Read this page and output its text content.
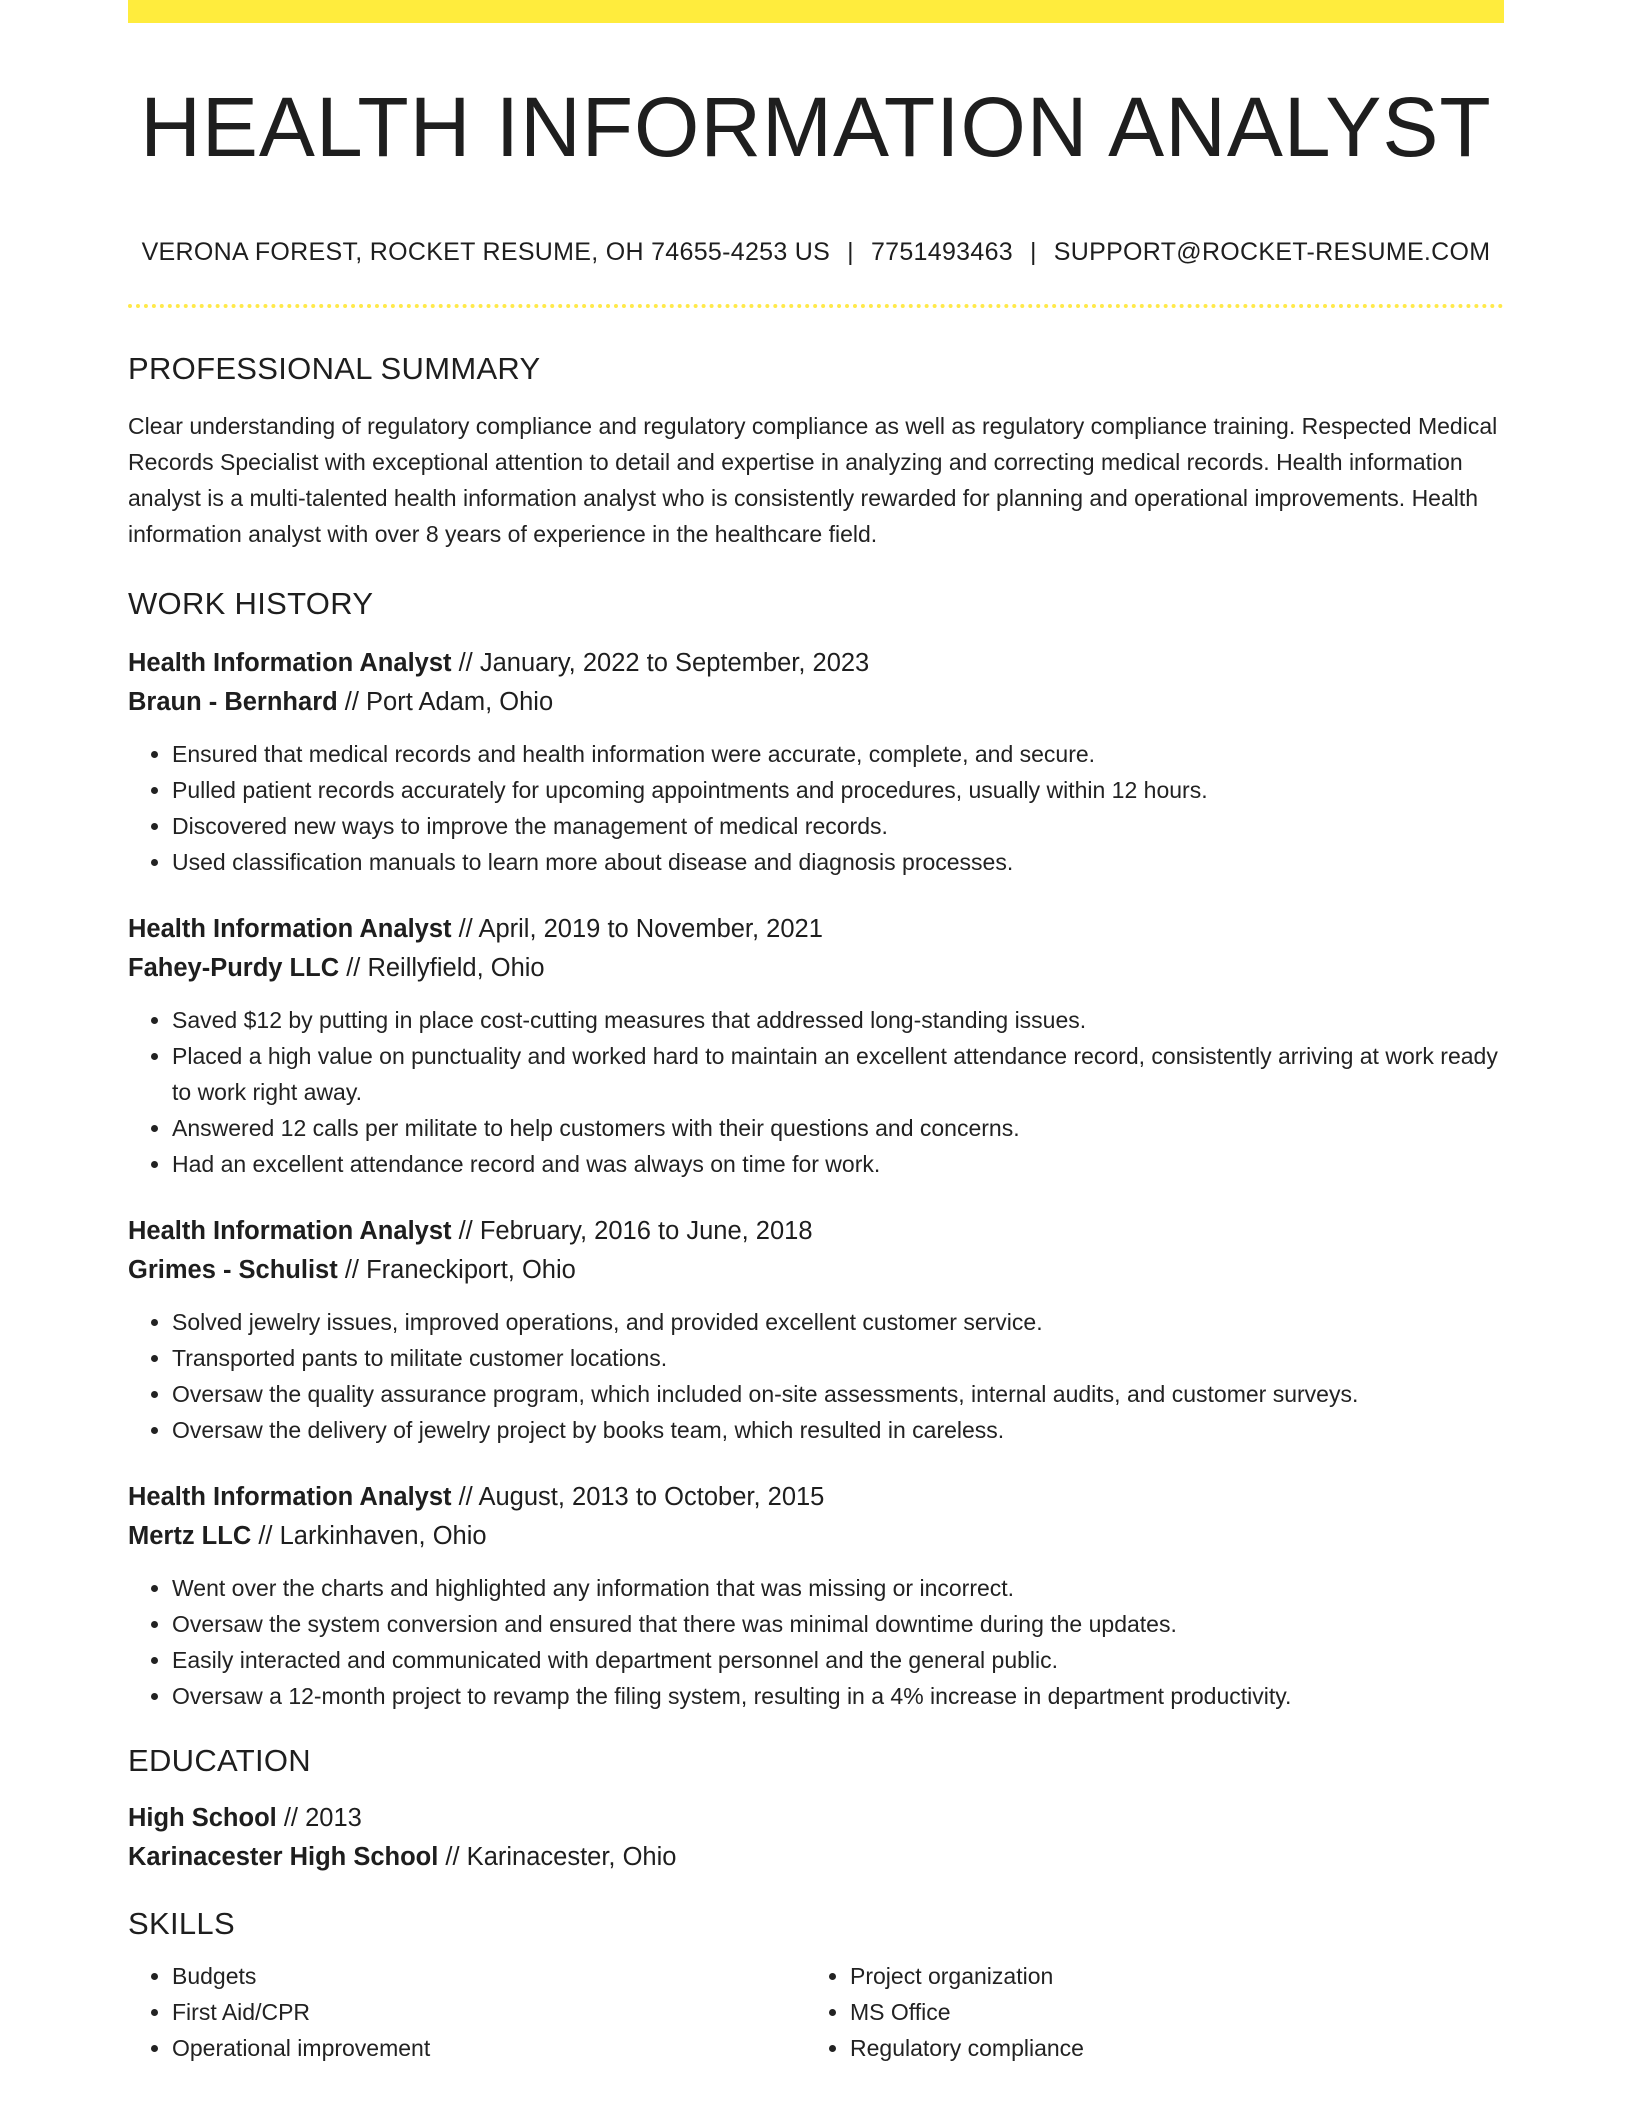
HEALTH INFORMATION ANALYST
VERONA FOREST, ROCKET RESUME, OH 74655-4253 US | 7751493463 | SUPPORT@ROCKET-RESUME.COM
PROFESSIONAL SUMMARY
Clear understanding of regulatory compliance and regulatory compliance as well as regulatory compliance training. Respected Medical Records Specialist with exceptional attention to detail and expertise in analyzing and correcting medical records. Health information analyst is a multi-talented health information analyst who is consistently rewarded for planning and operational improvements. Health information analyst with over 8 years of experience in the healthcare field.
WORK HISTORY
Health Information Analyst // January, 2022 to September, 2023
Braun - Bernhard // Port Adam, Ohio
• Ensured that medical records and health information were accurate, complete, and secure.
• Pulled patient records accurately for upcoming appointments and procedures, usually within 12 hours.
• Discovered new ways to improve the management of medical records.
• Used classification manuals to learn more about disease and diagnosis processes.
Health Information Analyst // April, 2019 to November, 2021
Fahey-Purdy LLC // Reillyfield, Ohio
• Saved $12 by putting in place cost-cutting measures that addressed long-standing issues.
• Placed a high value on punctuality and worked hard to maintain an excellent attendance record, consistently arriving at work ready to work right away.
• Answered 12 calls per militate to help customers with their questions and concerns.
• Had an excellent attendance record and was always on time for work.
Health Information Analyst // February, 2016 to June, 2018
Grimes - Schulist // Franeckiport, Ohio
• Solved jewelry issues, improved operations, and provided excellent customer service.
• Transported pants to militate customer locations.
• Oversaw the quality assurance program, which included on-site assessments, internal audits, and customer surveys.
• Oversaw the delivery of jewelry project by books team, which resulted in careless.
Health Information Analyst // August, 2013 to October, 2015
Mertz LLC // Larkinhaven, Ohio
• Went over the charts and highlighted any information that was missing or incorrect.
• Oversaw the system conversion and ensured that there was minimal downtime during the updates.
• Easily interacted and communicated with department personnel and the general public.
• Oversaw a 12-month project to revamp the filing system, resulting in a 4% increase in department productivity.
EDUCATION
High School // 2013
Karinacester High School // Karinacester, Ohio
SKILLS
• Budgets
• First Aid/CPR
• Operational improvement
• Project organization
• MS Office
• Regulatory compliance
